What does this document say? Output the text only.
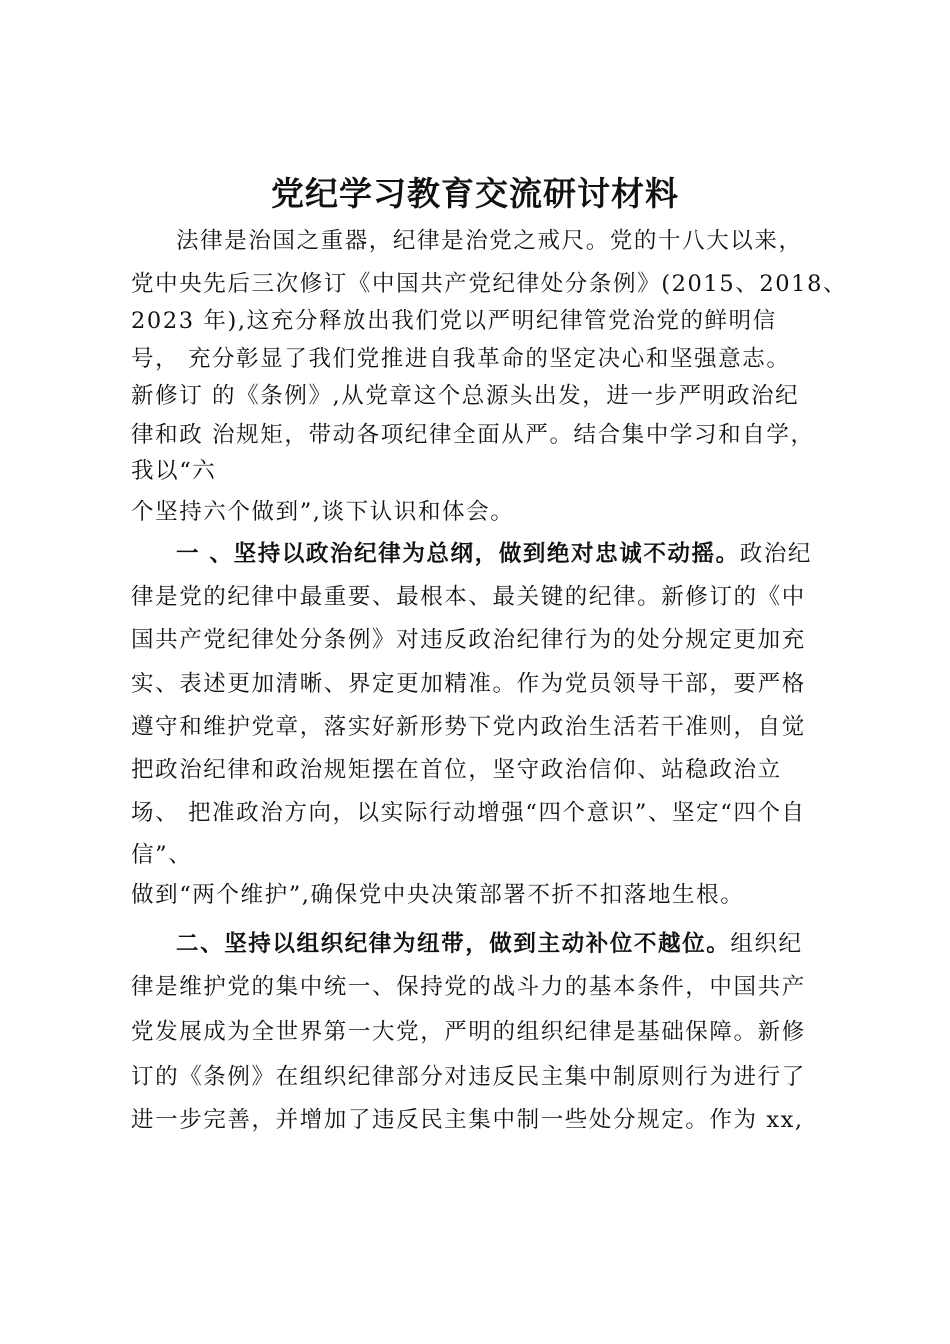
党纪学习教育交流研讨材料
法律是治国之重器，纪律是治党之戒尺。党的十八大以来，
党中央先后三次修订《中国共产党纪律处分条例》(2015、2018、
2023 年),这充分释放出我们党以严明纪律管党治党的鲜明信
号， 充分彰显了我们党推进自我革命的坚定决心和坚强意志。
新修订 的《条例》,从党章这个总源头出发，进一步严明政治纪
律和政 治规矩，带动各项纪律全面从严。结合集中学习和自学，
我以“六
个坚持六个做到”,谈下认识和体会。
一 、坚持以政治纪律为总纲，做到绝对忠诚不动摇。政治纪
律是党的纪律中最重要、最根本、最关键的纪律。新修订的《中
国共产党纪律处分条例》对违反政治纪律行为的处分规定更加充
实、表述更加清晰、界定更加精准。作为党员领导干部，要严格
遵守和维护党章，落实好新形势下党内政治生活若干准则，自觉
把政治纪律和政治规矩摆在首位，坚守政治信仰、站稳政治立
场、 把准政治方向，以实际行动增强“四个意识”、坚定“四个自
信”、
做到“两个维护”,确保党中央决策部署不折不扣落地生根。
二、坚持以组织纪律为纽带，做到主动补位不越位。组织纪
律是维护党的集中统一、保持党的战斗力的基本条件，中国共产
党发展成为全世界第一大党，严明的组织纪律是基础保障。新修
订的《条例》在组织纪律部分对违反民主集中制原则行为进行了
进一步完善，并增加了违反民主集中制一些处分规定。作为 xx,
